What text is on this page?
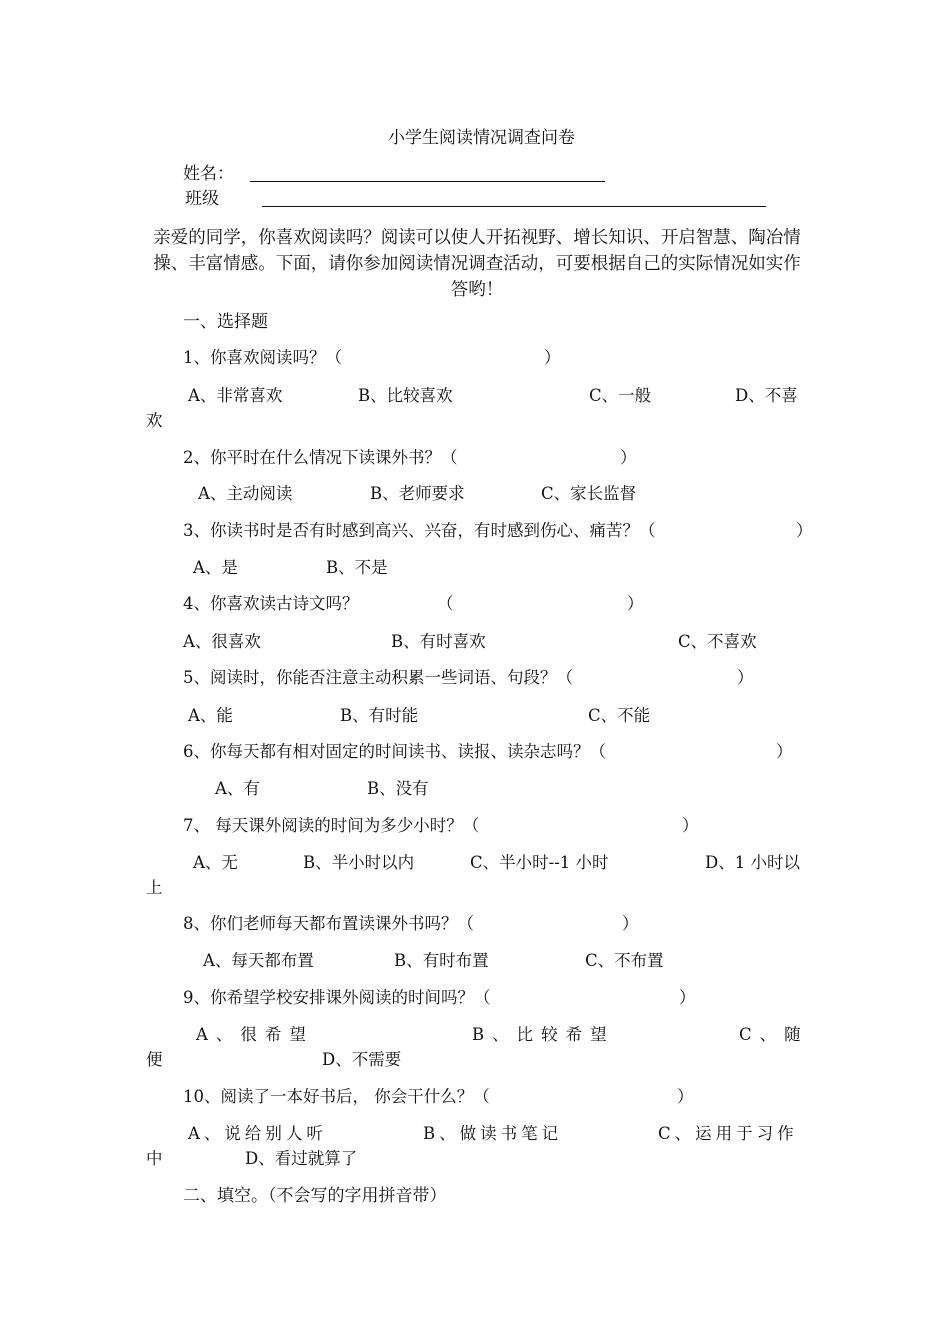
小学生阅读情况调查问卷
姓名：
班级
亲爱的同学，你喜欢阅读吗？阅读可以使人开拓视野、增长知识、开启智慧、陶冶情操、丰富情感。下面，请你参加阅读情况调查活动，可要根据自己的实际情况如实作答哟！
一、选择题
1、你喜欢阅读吗？（	）
A、非常喜欢	B、比较喜欢	C、一般	D、不喜
欢
2、你平时在什么情况下读课外书？（	）
A、主动阅读	B、老师要求	C、家长监督
3、你读书时是否有时感到高兴、兴奋，有时感到伤心、痛苦？（	）
A、是	B、不是
4、你喜欢读古诗文吗？	（	）
A、很喜欢	B、有时喜欢	C、不喜欢
5、阅读时，你能否注意主动积累一些词语、句段？（	）
A、能	B、有时能	C、不能
6、你每天都有相对固定的时间读书、读报、读杂志吗？（	）
A、有	B、没有
7、 每天课外阅读的时间为多少小时？（	）
A、无	B、半小时以内	C、半小时--1 小时	D、1 小时以
上
8、你们老师每天都布置读课外书吗？（	）
A、每天都布置	B、有时布置	C、不布置
9、你希望学校安排课外阅读的时间吗？（	）
A、很希望	B、比较希望	C、随
便	D、不需要
10、阅读了一本好书后， 你会干什么？（	）
A、说给别人听	B、做读书笔记	C、运用于习作
中	D、看过就算了
二、填空。（不会写的字用拼音带）
